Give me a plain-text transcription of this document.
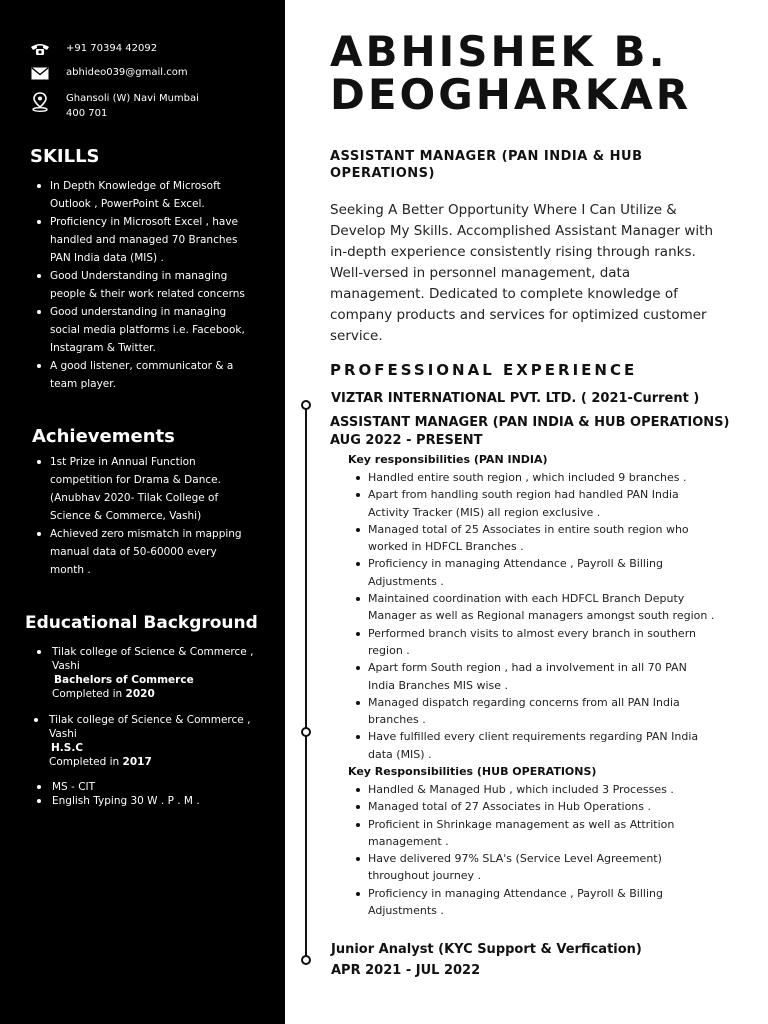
+91 70394 42092
abhideo039@gmail.com
Ghansoli (W) Navi Mumbai
400 701
SKILLS
In Depth Knowledge of Microsoft
Outlook , PowerPoint & Excel.
Proficiency in Microsoft Excel , have
handled and managed 70 Branches
PAN India data (MIS) .
Good Understanding in managing
people & their work related concerns
Good understanding in managing
social media platforms i.e. Facebook,
Instagram & Twitter.
A good listener, communicator & a
team player.
Achievements
1st Prize in Annual Function
competition for Drama & Dance.
(Anubhav 2020- Tilak College of
Science & Commerce, Vashi)
Achieved zero mismatch in mapping
manual data of 50-60000 every
month .
Educational Background
Tilak college of Science & Commerce ,
Vashi
Bachelors of Commerce
Completed in 2020
Tilak college of Science & Commerce ,
Vashi
H.S.C
Completed in 2017
MS - CIT
English Typing 30 W . P . M .
ABHISHEK B.
DEOGHARKAR
ASSISTANT MANAGER (PAN INDIA & HUB
OPERATIONS)
Seeking A Better Opportunity Where I Can Utilize &
Develop My Skills. Accomplished Assistant Manager with
in-depth experience consistently rising through ranks.
Well-versed in personnel management, data
management. Dedicated to complete knowledge of
company products and services for optimized customer
service.
PROFESSIONAL EXPERIENCE
VIZTAR INTERNATIONAL PVT. LTD. ( 2021-Current )
ASSISTANT MANAGER (PAN INDIA & HUB OPERATIONS)
AUG 2022 - PRESENT
Key responsibilities (PAN INDIA)
Handled entire south region , which included 9 branches .
Apart from handling south region had handled PAN India
Activity Tracker (MIS) all region exclusive .
Managed total of 25 Associates in entire south region who
worked in HDFCL Branches .
Proficiency in managing Attendance , Payroll & Billing
Adjustments .
Maintained coordination with each HDFCL Branch Deputy
Manager as well as Regional managers amongst south region .
Performed branch visits to almost every branch in southern
region .
Apart form South region , had a involvement in all 70 PAN
India Branches MIS wise .
Managed dispatch regarding concerns from all PAN India
branches .
Have fulfilled every client requirements regarding PAN India
data (MIS) .
Key Responsibilities (HUB OPERATIONS)
Handled & Managed Hub , which included 3 Processes .
Managed total of 27 Associates in Hub Operations .
Proficient in Shrinkage management as well as Attrition
management .
Have delivered 97% SLA's (Service Level Agreement)
throughout journey .
Proficiency in managing Attendance , Payroll & Billing
Adjustments .
Junior Analyst (KYC Support & Verfication)
APR 2021 - JUL 2022
